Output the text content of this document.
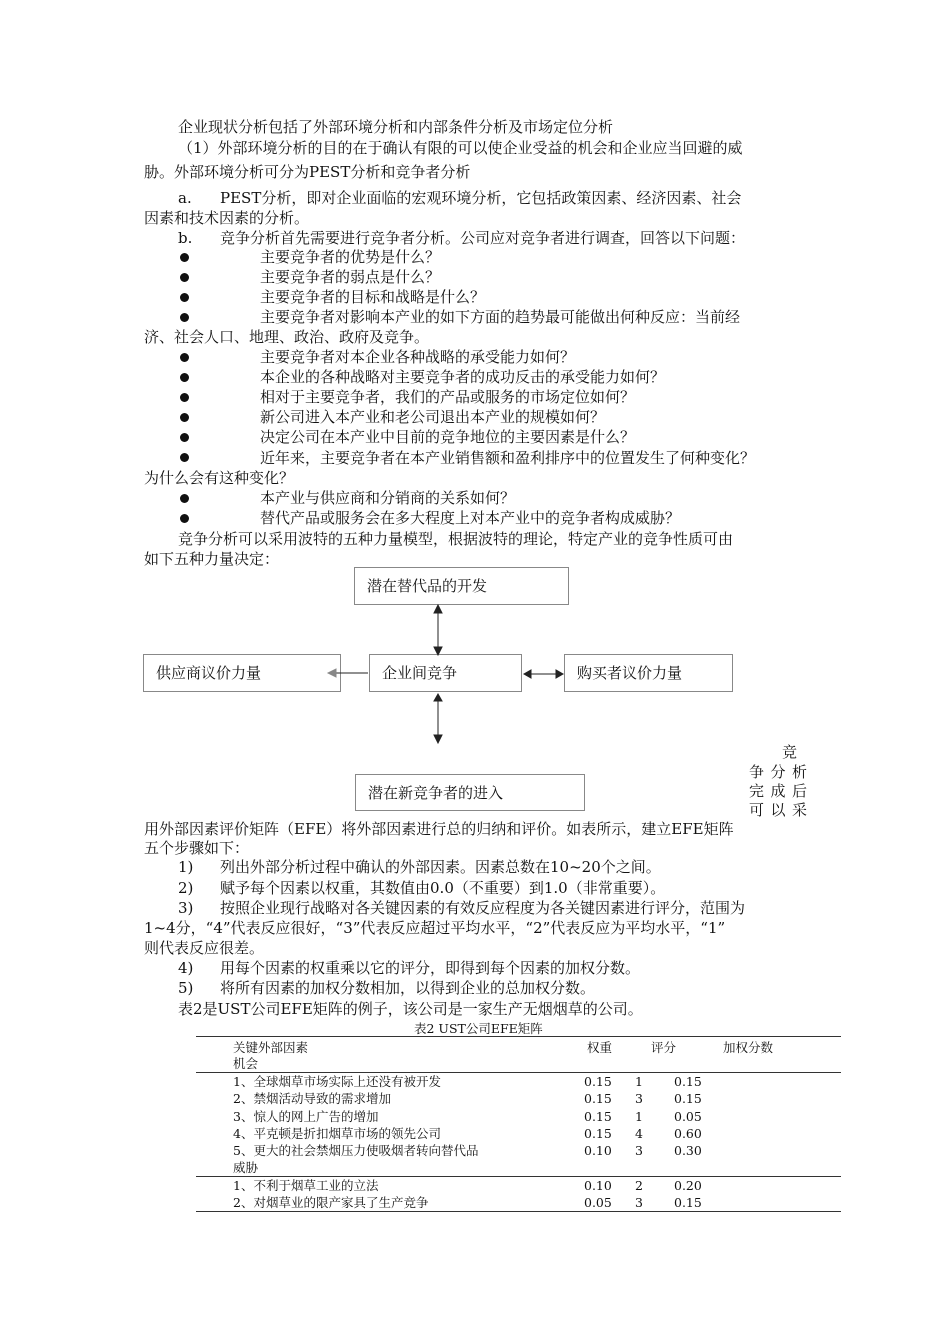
企业现状分析包括了外部环境分析和内部条件分析及市场定位分析
（1）外部环境分析的目的在于确认有限的可以使企业受益的机会和企业应当回避的威
胁。外部环境分析可分为PEST分析和竞争者分析
a. PEST分析，即对企业面临的宏观环境分析，它包括政策因素、经济因素、社会
因素和技术因素的分析。
b. 竞争分析首先需要进行竞争者分析。公司应对竞争者进行调查，回答以下问题：
主要竞争者的优势是什么？
主要竞争者的弱点是什么？
主要竞争者的目标和战略是什么？
主要竞争者对影响本产业的如下方面的趋势最可能做出何种反应：当前经
济、社会人口、地理、政治、政府及竞争。
主要竞争者对本企业各种战略的承受能力如何？
本企业的各种战略对主要竞争者的成功反击的承受能力如何？
相对于主要竞争者，我们的产品或服务的市场定位如何？
新公司进入本产业和老公司退出本产业的规模如何？
决定公司在本产业中目前的竞争地位的主要因素是什么？
近年来，主要竞争者在本产业销售额和盈利排序中的位置发生了何种变化？
为什么会有这种变化？
本产业与供应商和分销商的关系如何？
替代产品或服务会在多大程度上对本产业中的竞争者构成威胁？
竞争分析可以采用波特的五种力量模型，根据波特的理论，特定产业的竞争性质可由
如下五种力量决定：
潜在替代品的开发
供应商议价力量	企业间竞争	购买者议价力量
潜在新竞争者的进入
竞
争分析
完成后
可以采
用外部因素评价矩阵（EFE）将外部因素进行总的归纳和评价。如表所示，建立EFE矩阵
五个步骤如下：
1) 列出外部分析过程中确认的外部因素。因素总数在10~20个之间。
2) 赋予每个因素以权重，其数值由0.0（不重要）到1.0（非常重要）。
3) 按照企业现行战略对各关键因素的有效反应程度为各关键因素进行评分，范围为
1~4分，“4”代表反应很好，“3”代表反应超过平均水平，“2”代表反应为平均水平，“1”
则代表反应很差。
4) 用每个因素的权重乘以它的评分，即得到每个因素的加权分数。
5) 将所有因素的加权分数相加，以得到企业的总加权分数。
表2是UST公司EFE矩阵的例子，该公司是一家生产无烟烟草的公司。
表2 UST公司EFE矩阵
关键外部因素	权重	评分	加权分数
机会
1、全球烟草市场实际上还没有被开发	0.15 1 0.15
2、禁烟活动导致的需求增加	0.15 3 0.15
3、惊人的网上广告的增加	0.15 1 0.05
4、平克顿是折扣烟草市场的领先公司	0.15 4 0.60
5、更大的社会禁烟压力使吸烟者转向替代品	0.10 3 0.30
威胁
1、不利于烟草工业的立法	0.10 2 0.20
2、对烟草业的限产家具了生产竞争	0.05 3 0.15
